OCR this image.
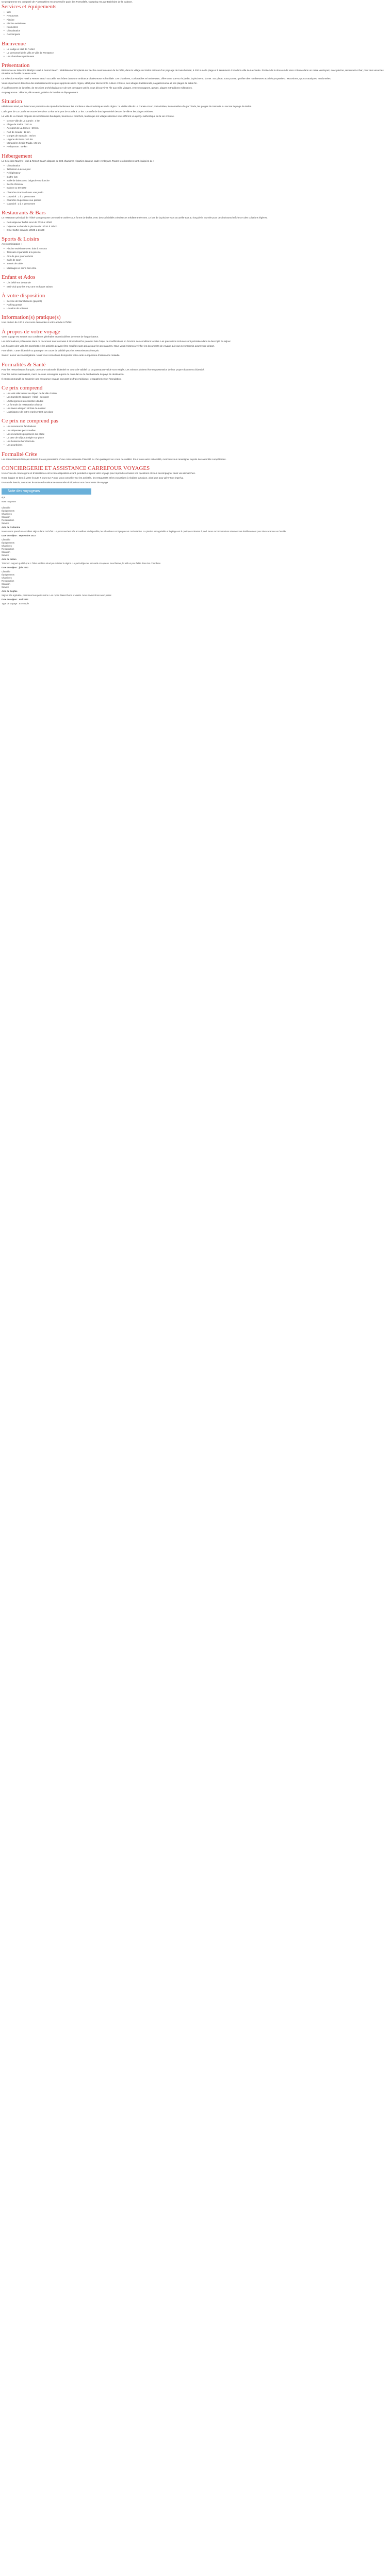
Ce programme est composé de 7 à 8 nuitées et comprend le pack des Formalités, Camping et Loge Balnéaire de la Cabane.

Services et équipements
• Wifi
• Restaurant
• Piscine
• Piscine extérieure
• Kilomètres
• Climatisation
• Conciergerie
Bienvenue
• Le Lodge et Hall de l'Hôtel
• Le personnel de la Villa et Villa de Prestance
• Les chambres spacieuses
Présentation

Bienvenue au Sélection Marilyn Hotel & Resort Beach : établissement implanté sur la côte ouest au cœur de la Crète, dans le village de Stalos entouré d'un paysage de toute beauté, à 200 m de la plage et à seulement 4 km de la ville de La Canée. Profitez de la douceur de vivre crétoise dans un cadre verdoyant, avec piscine, restaurant et bar, pour des vacances réussies en famille ou entre amis.

Le Sélection Marilyn Hotel & Resort Beach accueille ses hôtes dans une ambiance chaleureuse et familiale. Les chambres, confortables et lumineuses, offrent une vue sur le jardin, la piscine ou la mer. Sur place, vous pourrez profiter des nombreuses activités proposées : excursions, sports nautiques, randonnées.

Vous séjournerez dans l'un des établissements les plus appréciés de la région, idéal pour découvrir la culture crétoise, ses villages traditionnels, sa gastronomie et ses plages de sable fin.

À la découverte de la Crète, de ses sites archéologiques et de ses paysages variés, vous découvrirez l'île aux mille visages, entre montagnes, gorges, plages et traditions millénaires.

Au programme : détente, découverte, plaisirs de la table et dépaysement.

Situation

Idéalement situé, cet hôtel vous permettra de rejoindre facilement les nombreux sites touristiques de la région : la vieille ville de La Canée et son port vénitien, le monastère d'Agia Triada, les gorges de Samaria ou encore la plage de Balos.

L'aéroport de La Canée se trouve à environ 20 km et le port de Souda à 12 km. Un arrêt de bus à proximité dessert la ville et les plages voisines.

La ville de La Canée propose de nombreuses boutiques, tavernes et marchés, tandis que les villages alentour vous offriront un aperçu authentique de la vie crétoise.

• Centre-ville de La Canée : 4 km
• Plage de Stalos : 200 m
• Aéroport de La Canée : 20 km
• Port de Souda : 12 km
• Gorges de Samaria : 45 km
• Lagune de Balos : 60 km
• Monastère d'Agia Triada : 25 km
• Rethymnon : 60 km
Hébergement

Le Sélection Marilyn Hotel & Resort Beach dispose de 102 chambres réparties dans un cadre verdoyant. Toutes les chambres sont équipées de :

• Climatisation
• Télévision à écran plat
• Réfrigérateur
• Coffre-fort
• Salle de bains avec baignoire ou douche
• Sèche-cheveux
• Balcon ou terrasse
• Chambre Standard avec vue jardin
• Capacité : 2 à 3 personnes
• Chambre Supérieure vue piscine
• Capacité : 2 à 4 personnes
Restaurants & Bars

Le restaurant principal de l'hôtel vous propose une cuisine variée sous forme de buffet, avec des spécialités crétoises et méditerranéennes. Le bar de la piscine vous accueille tout au long de la journée pour des boissons fraîches et des collations légères.

• Petit-déjeuner buffet servi de 7h30 à 10h00
• Déjeuner au bar de la piscine de 12h30 à 15h00
• Dîner buffet servi de 19h00 à 21h30
Sports & Loisirs

Avec participation :

• Piscine extérieure avec bain à remous
• Transats et parasols à la piscine
• Aire de jeux pour enfants
• Salle de sport
• Tennis de table
• Massages et soins bien-être
Enfant et Ados
• Lits bébé sur demande
• Mini-club pour les 4-12 ans en haute saison
À votre disposition
• Service de blanchisserie (payant)
• Parking gratuit
• Location de voitures
Information(s) pratique(s)

Une caution de 100 € vous sera demandée à votre arrivée à l'hôtel.

À propos de votre voyage

Votre voyage est soumis aux conditions générales et particulières de vente de l'organisateur.

Les informations présentées dans ce document sont données à titre indicatif et peuvent faire l'objet de modifications en fonction des conditions locales. Les prestations incluses sont précisées dans le descriptif du séjour.

Les horaires des vols, les transferts et les activités peuvent être modifiés sans préavis par les prestataires. Nous vous invitons à vérifier les documents de voyage qui vous seront remis avant votre départ.

Formalités : carte d'identité ou passeport en cours de validité pour les ressortissants français.

Santé : aucun vaccin obligatoire. Nous vous conseillons d'emporter votre carte européenne d'assurance maladie.

Formalités & Santé

Pour les ressortissants français, une carte nationale d'identité en cours de validité ou un passeport valide sont exigés. Les mineurs doivent être en possession de leur propre document d'identité.

Pour les autres nationalités, merci de vous renseigner auprès du consulat ou de l'ambassade du pays de destination.

Il est recommandé de souscrire une assurance voyage couvrant les frais médicaux, le rapatriement et l'annulation.

Ce prix comprend
• Les vols aller-retour au départ de la ville choisie
• Les transferts aéroport - hôtel - aéroport
• L'hébergement en chambre double
• La formule de restauration choisie
• Les taxes aéroport et frais de dossier
• L'assistance de notre représentant sur place
Ce prix ne comprend pas
• Les assurances facultatives
• Les dépenses personnelles
• Les excursions proposées sur place
• La taxe de séjour à régler sur place
• Les boissons hors formule
• Les pourboires
Formalité Crète

Les ressortissants français doivent être en possession d'une carte nationale d'identité ou d'un passeport en cours de validité. Pour toute autre nationalité, merci de vous renseigner auprès des autorités compétentes.

CONCIERGERIE ET ASSISTANCE CARREFOUR VOYAGES

Un service de conciergerie et d'assistance est à votre disposition avant, pendant et après votre voyage pour répondre à toutes vos questions et vous accompagner dans vos démarches.

Notre équipe se tient à votre écoute 7 jours sur 7 pour vous conseiller sur les activités, les restaurants et les excursions à réaliser sur place, ainsi que pour gérer tout imprévu.

En cas de besoin, contactez le service d'assistance au numéro indiqué sur vos documents de voyage.

Note des voyageurs

4,3

Note moyenne

Clientèle
Équipements
Chambres
Situation
Restauration
Service

Avis de Catherine

Nous avons passé un excellent séjour dans cet hôtel. Le personnel est très accueillant et disponible, les chambres sont propres et confortables. La piscine est agréable et la plage est à quelques minutes à pied. Nous recommandons vivement cet établissement pour des vacances en famille.

Date du séjour : septembre 2022

Clientèle
Équipements
Chambres
Restauration
Situation
Service

Avis de Julien

Très bon rapport qualité-prix. L'hôtel est bien situé pour visiter la région. Le petit-déjeuner est varié et copieux. Seul bémol, le wifi un peu faible dans les chambres.

Date du séjour : juin 2022

Clientèle
Équipements
Chambres
Restauration
Situation
Service

Avis de Sophie

Séjour très agréable, personnel aux petits soins. Les repas étaient bons et variés. Nous reviendrons avec plaisir.

Date du séjour : mai 2022

Type de voyage : En couple
